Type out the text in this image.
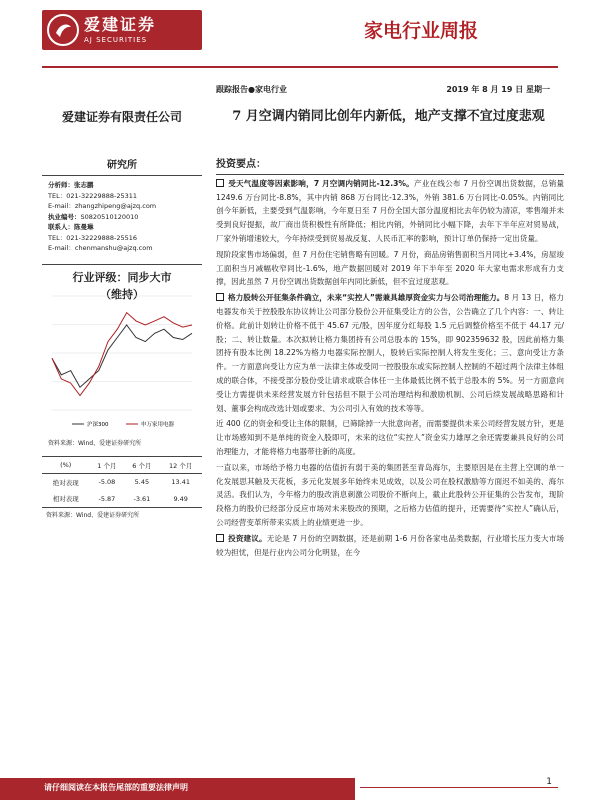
爱建证券
AJ SECURITIES	家电行业周报
跟踪报告●家电行业	2019 年 8 月 19 日 星期一
爱建证券有限责任公司	7 月空调内销同比创年内新低，地产支撑不宜过度悲观
研究所
分析师：张志鹏
TEL：021-32229888-25311
E-mail：zhangzhipeng@ajzq.com
执业编号：S0820510120010
联系人：陈曼琳
TEL：021-32229888-25516
E-mail：chenmanshu@ajzq.com
行业评级：同步大市
（维持）
沪深300	申万家用电器
资料来源：Wind、爱建证券研究所
(%)	1 个月	6 个月	12 个月
绝对表现	-5.08	5.45	13.41
相对表现	-5.87	-3.61	9.49
资料来源：Wind、爱建证券研究所
投资要点：
受天气温度等因素影响，7 月空调内销同比-12.3%。产业在线公布 7 月份空调出货数据，总销量 1249.6 万台同比-8.8%，其中内销 868 万台同比-12.3%，外销 381.6 万台同比-0.05%。内销同比创今年新低，主要受到气温影响，今年夏日至 7 月份全国大部分温度相比去年仍较为清凉，零售端并未受到良好提振，故厂商出货积极性有所降低；相比内销，外销同比小幅下降，去年下半年应对贸易战，厂家外销增速较大，今年持续受到贸易战反复、人民币汇率的影响，预计订单仍保持一定出货量。
现阶段家售市场偏弱，但 7 月份住宅销售略有回暖。7 月份，商品房销售面积当月同比+3.4%，房屋竣工面积当月减幅收窄同比-1.6%，地产数据回暖对 2019 年下半年至 2020 年大家电需求形成有力支撑，因此虽然 7 月份空调出货数据创年内同比新低，但不宜过度悲观。
格力股转公开征集条件确立，未来“实控人”需兼具雄厚资金实力与公司治理能力。8 月 13 日，格力电器发布关于控股股东协议转让公司部分股份公开征集受让方的公告，公告确立了几个内容：一、转让价格。此前计划转让价格不低于 45.67 元/股，因年度分红每股 1.5 元后调整价格至不低于 44.17 元/股；二、转让数量。本次拟转让格力集团持有公司总股本的 15%，即 902359632 股，因此前格力集团持有股本比例 18.22%为格力电器实际控制人，股转后实际控制人将发生变化；三、意向受让方条件。一方面意向受让方应为单一法律主体或受同一控股股东或实际控制人控制的不超过两个法律主体组成的联合体，不接受部分股份受让请求或联合体任一主体最低比例不低于总股本的 5%。另一方面意向受让方需提供未来经营发展方针包括但不限于公司治理结构和激励机制、公司后续发展战略思路和计划、董事会构成改选计划或要求、为公司引入有效的技术等等。
近 400 亿的资金和受让主体的限制，已筛除掉一大批意向者，而需要提供未来公司经营发展方针，更是让市场感知到不是单纯的资金入股即可，未来的这位“实控人”资金实力雄厚之余还需要兼具良好的公司治理能力，才能将格力电器带往新的高度。
一直以来，市场给予格力电器的估值折有弱于美的集团甚至青岛海尔，主要原因是在主营上空调的单一化发展思其触及天花板，多元化发展多年始终未见成效，以及公司在股权激励等方面迟不如美的、海尔灵活。我们认为，今年格力的股改消息刺激公司股价不断向上，截止此股转公开征集的公告发布，现阶段格力的股价已经部分反应市场对未来股改的预期，之后格力估值的提升，还需要待“实控人”确认后，公司经营变革所带来实质上的业绩更进一步。
投资建议。无论是 7 月份的空调数据，还是前期 1-6 月份各家电品类数据，行业增长压力变大市场较为担忧，但是行业内公司分化明显，在今
请仔细阅读在本报告尾部的重要法律声明
1
